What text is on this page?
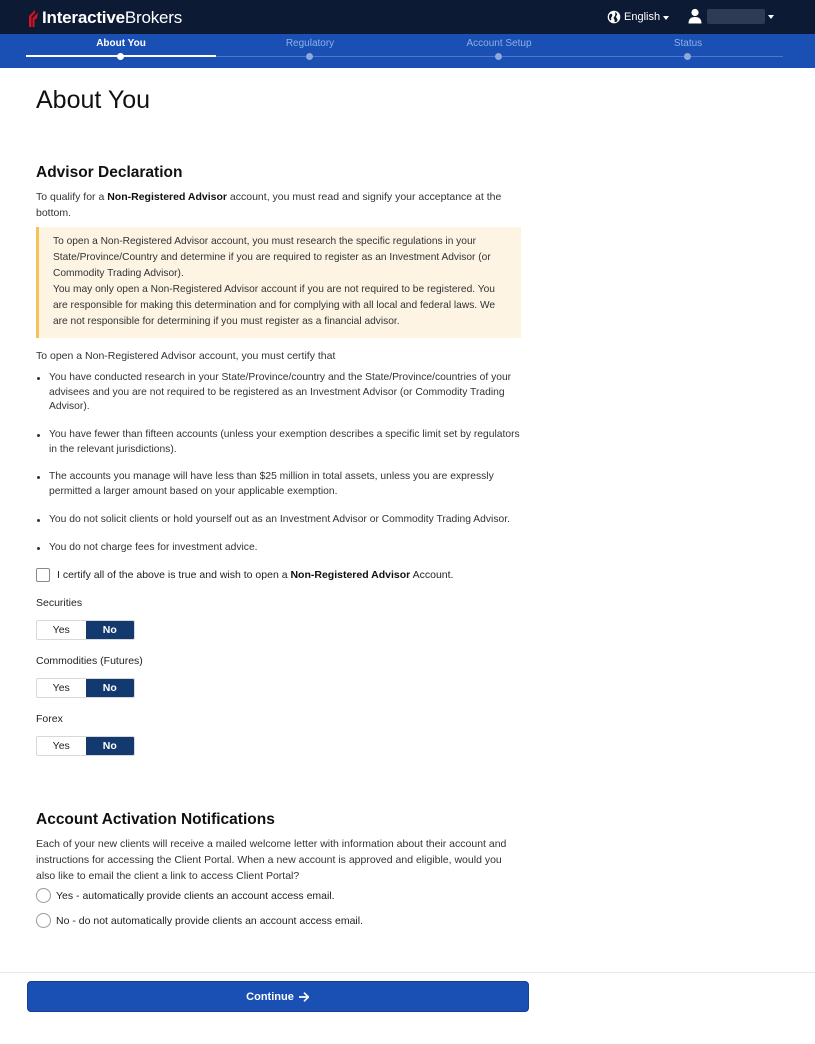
InteractiveBrokers	English
About You	Regulatory	Account Setup	Status
About You
Advisor Declaration

To qualify for a Non-Registered Advisor account, you must read and signify your acceptance at the bottom.

To open a Non-Registered Advisor account, you must research the specific regulations in your State/Province/Country and determine if you are required to register as an Investment Advisor (or Commodity Trading Advisor).
You may only open a Non-Registered Advisor account if you are not required to be registered. You are responsible for making this determination and for complying with all local and federal laws. We are not responsible for determining if you must register as a financial advisor.

To open a Non-Registered Advisor account, you must certify that

You have conducted research in your State/Province/country and the State/Province/countries of your advisees and you are not required to be registered as an Investment Advisor (or Commodity Trading Advisor).
You have fewer than fifteen accounts (unless your exemption describes a specific limit set by regulators in the relevant jurisdictions).
The accounts you manage will have less than $25 million in total assets, unless you are expressly permitted a larger amount based on your applicable exemption.
You do not solicit clients or hold yourself out as an Investment Advisor or Commodity Trading Advisor.
You do not charge fees for investment advice.
I certify all of the above is true and wish to open a Non-Registered Advisor Account.
Securities
Yes	No
Commodities (Futures)
Yes	No
Forex
Yes	No
Account Activation Notifications

Each of your new clients will receive a mailed welcome letter with information about their account and instructions for accessing the Client Portal. When a new account is approved and eligible, would you also like to email the client a link to access Client Portal?

Yes - automatically provide clients an account access email.
No - do not automatically provide clients an account access email.
Continue
